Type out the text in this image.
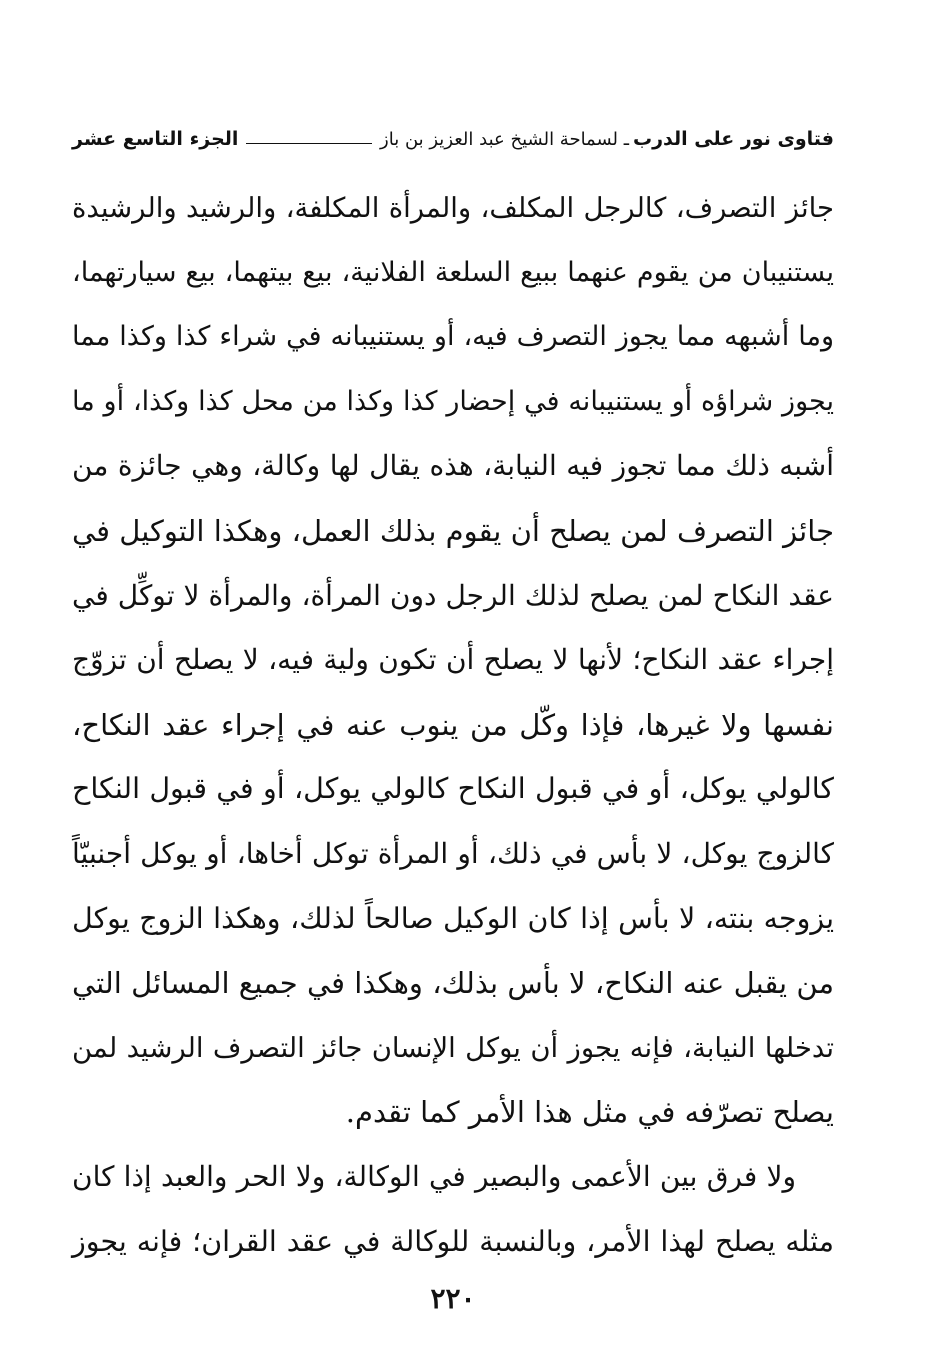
فتاوى نور على الدرب
ـ لسماحة الشيخ عبد العزيز بن باز
الجزء التاسع عشر
جائز التصرف، كالرجل المكلف، والمرأة المكلفة، والرشيد والرشيدة
يستنيبان من يقوم عنهما ببيع السلعة الفلانية، بيع بيتهما، بيع سيارتهما،
وما أشبهه مما يجوز التصرف فيه، أو يستنيبانه في شراء كذا وكذا مما
يجوز شراؤه أو يستنيبانه في إحضار كذا وكذا من محل كذا وكذا، أو ما
أشبه ذلك مما تجوز فيه النيابة، هذه يقال لها وكالة، وهي جائزة من
جائز التصرف لمن يصلح أن يقوم بذلك العمل، وهكذا التوكيل في
عقد النكاح لمن يصلح لذلك الرجل دون المرأة، والمرأة لا توكِّل في
إجراء عقد النكاح؛ لأنها لا يصلح أن تكون ولية فيه، لا يصلح أن تزوّج
نفسها ولا غيرها، فإذا وكّل من ينوب عنه في إجراء عقد النكاح،
كالولي يوكل، أو في قبول النكاح كالولي يوكل، أو في قبول النكاح
كالزوج يوكل، لا بأس في ذلك، أو المرأة توكل أخاها، أو يوكل أجنبيّاً
يزوجه بنته، لا بأس إذا كان الوكيل صالحاً لذلك، وهكذا الزوج يوكل
من يقبل عنه النكاح، لا بأس بذلك، وهكذا في جميع المسائل التي
تدخلها النيابة، فإنه يجوز أن يوكل الإنسان جائز التصرف الرشيد لمن
يصلح تصرّفه في مثل هذا الأمر كما تقدم.
ولا فرق بين الأعمى والبصير في الوكالة، ولا الحر والعبد إذا كان
مثله يصلح لهذا الأمر، وبالنسبة للوكالة في عقد القران؛ فإنه يجوز
٢٢٠
